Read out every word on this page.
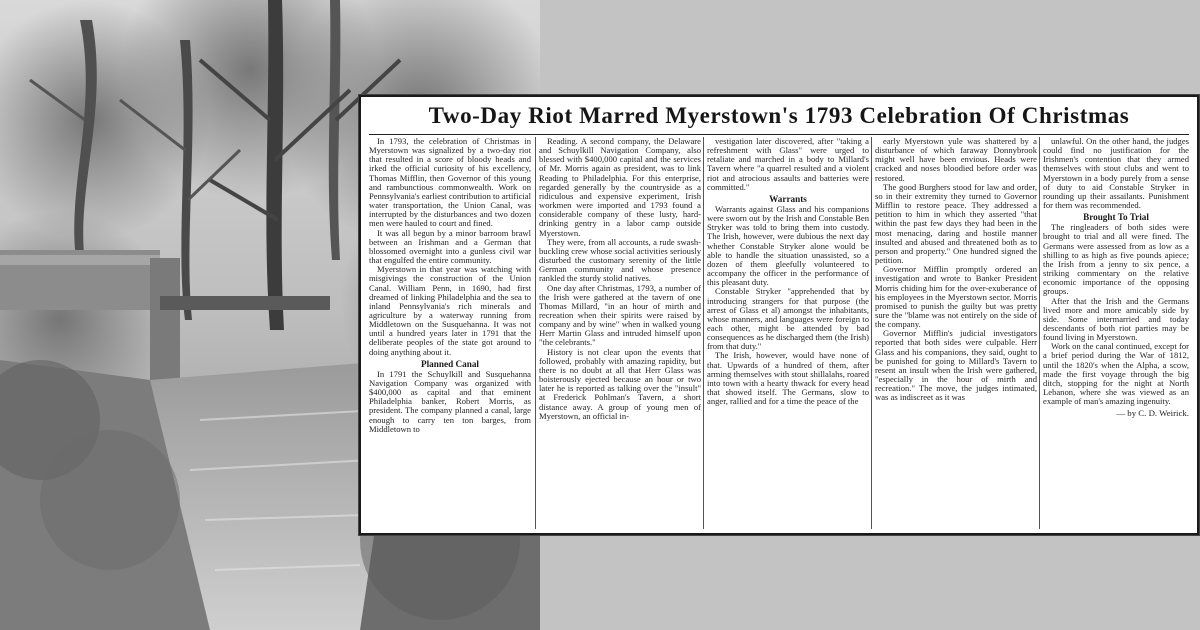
Two-Day Riot Marred Myerstown's 1793 Celebration Of Christmas

In 1793, the celebration of Christmas in Myerstown was signalized by a two-day riot that resulted in a score of bloody heads and irked the official curiosity of his excellency, Thomas Mifflin, then Governor of this young and rambunctious commonwealth. Work on Pennsylvania's earliest contribution to artificial water transportation, the Union Canal, was interrupted by the disturbances and two dozen men were hauled to court and fined.

It was all begun by a minor barroom brawl between an Irishman and a German that blossomed overnight into a gunless civil war that engulfed the entire community.

Myerstown in that year was watching with misgivings the construction of the Union Canal. William Penn, in 1690, had first dreamed of linking Philadelphia and the sea to inland Pennsylvania's rich minerals and agriculture by a waterway running from Middletown on the Susquehanna. It was not until a hundred years later in 1791 that the deliberate peoples of the state got around to doing anything about it.

Planned Canal

In 1791 the Schuylkill and Susquehanna Navigation Company was organized with $400,000 as capital and that eminent Philadelphia banker, Robert Morris, as president. The company planned a canal, large enough to carry ten ton barges, from Middletown to

Reading. A second company, the Delaware and Schuylkill Navigation Company, also blessed with $400,000 capital and the services of Mr. Morris again as president, was to link Reading to Philadelphia. For this enterprise, regarded generally by the countryside as a ridiculous and expensive experiment, Irish workmen were imported and 1793 found a considerable company of these lusty, hard-drinking gentry in a labor camp outside Myerstown.

They were, from all accounts, a rude swash-buckling crew whose social activities seriously disturbed the customary serenity of the little German community and whose presence rankled the sturdy stolid natives.

One day after Christmas, 1793, a number of the Irish were gathered at the tavern of one Thomas Millard, "in an hour of mirth and recreation when their spirits were raised by company and by wine" when in walked young Herr Martin Glass and intruded himself upon "the celebrants."

History is not clear upon the events that followed, probably with amazing rapidity, but there is no doubt at all that Herr Glass was boisterously ejected because an hour or two later he is reported as talking over the "insult" at Frederick Pohlman's Tavern, a short distance away. A group of young men of Myerstown, an official in-

vestigation later discovered, after "taking a refreshment with Glass" were urged to retaliate and marched in a body to Millard's Tavern where "a quarrel resulted and a violent riot and atrocious assaults and batteries were committed."

Warrants

Warrants against Glass and his companions were sworn out by the Irish and Constable Ben Stryker was told to bring them into custody. The Irish, however, were dubious the next day whether Constable Stryker alone would be able to handle the situation unassisted, so a dozen of them gleefully volunteered to accompany the officer in the performance of this pleasant duty.

Constable Stryker "apprehended that by introducing strangers for that purpose (the arrest of Glass et al) amongst the inhabitants, whose manners, and languages were foreign to each other, might be attended by bad consequences as he discharged them (the Irish) from that duty."

The Irish, however, would have none of that. Upwards of a hundred of them, after arming themselves with stout shillalahs, roared into town with a hearty thwack for every head that showed itself. The Germans, slow to anger, rallied and for a time the peace of the

early Myerstown yule was shattered by a disturbance of which faraway Donnybrook might well have been envious. Heads were cracked and noses bloodied before order was restored.

The good Burghers stood for law and order, so in their extremity they turned to Governor Mifflin to restore peace. They addressed a petition to him in which they asserted "that within the past few days they had been in the most menacing, daring and hostile manner insulted and abused and threatened both as to person and property." One hundred signed the petition.

Governor Mifflin promptly ordered an investigation and wrote to Banker President Morris chiding him for the over-exuberance of his employees in the Myerstown sector. Morris promised to punish the guilty but was pretty sure the "blame was not entirely on the side of the company.

Governor Mifflin's judicial investigators reported that both sides were culpable. Herr Glass and his companions, they said, ought to be punished for going to Millard's Tavern to resent an insult when the Irish were gathered, "especially in the hour of mirth and recreation." The move, the judges intimated, was as indiscreet as it was

unlawful. On the other hand, the judges could find no justification for the Irishmen's contention that they armed themselves with stout clubs and went to Myerstown in a body purely from a sense of duty to aid Constable Stryker in rounding up their assailants. Punishment for them was recommended.

Brought To Trial

The ringleaders of both sides were brought to trial and all were fined. The Germans were assessed from as low as a shilling to as high as five pounds apiece; the Irish from a jenny to six pence, a striking commentary on the relative economic importance of the opposing groups.

After that the Irish and the Germans lived more and more amicably side by side. Some intermarried and today descendants of both riot parties may be found living in Myerstown.

Work on the canal continued, except for a brief period during the War of 1812, until the 1820's when the Alpha, a scow, made the first voyage through the big ditch, stopping for the night at North Lebanon, where she was viewed as an example of man's amazing ingenuity.

— by C. D. Weirick.
